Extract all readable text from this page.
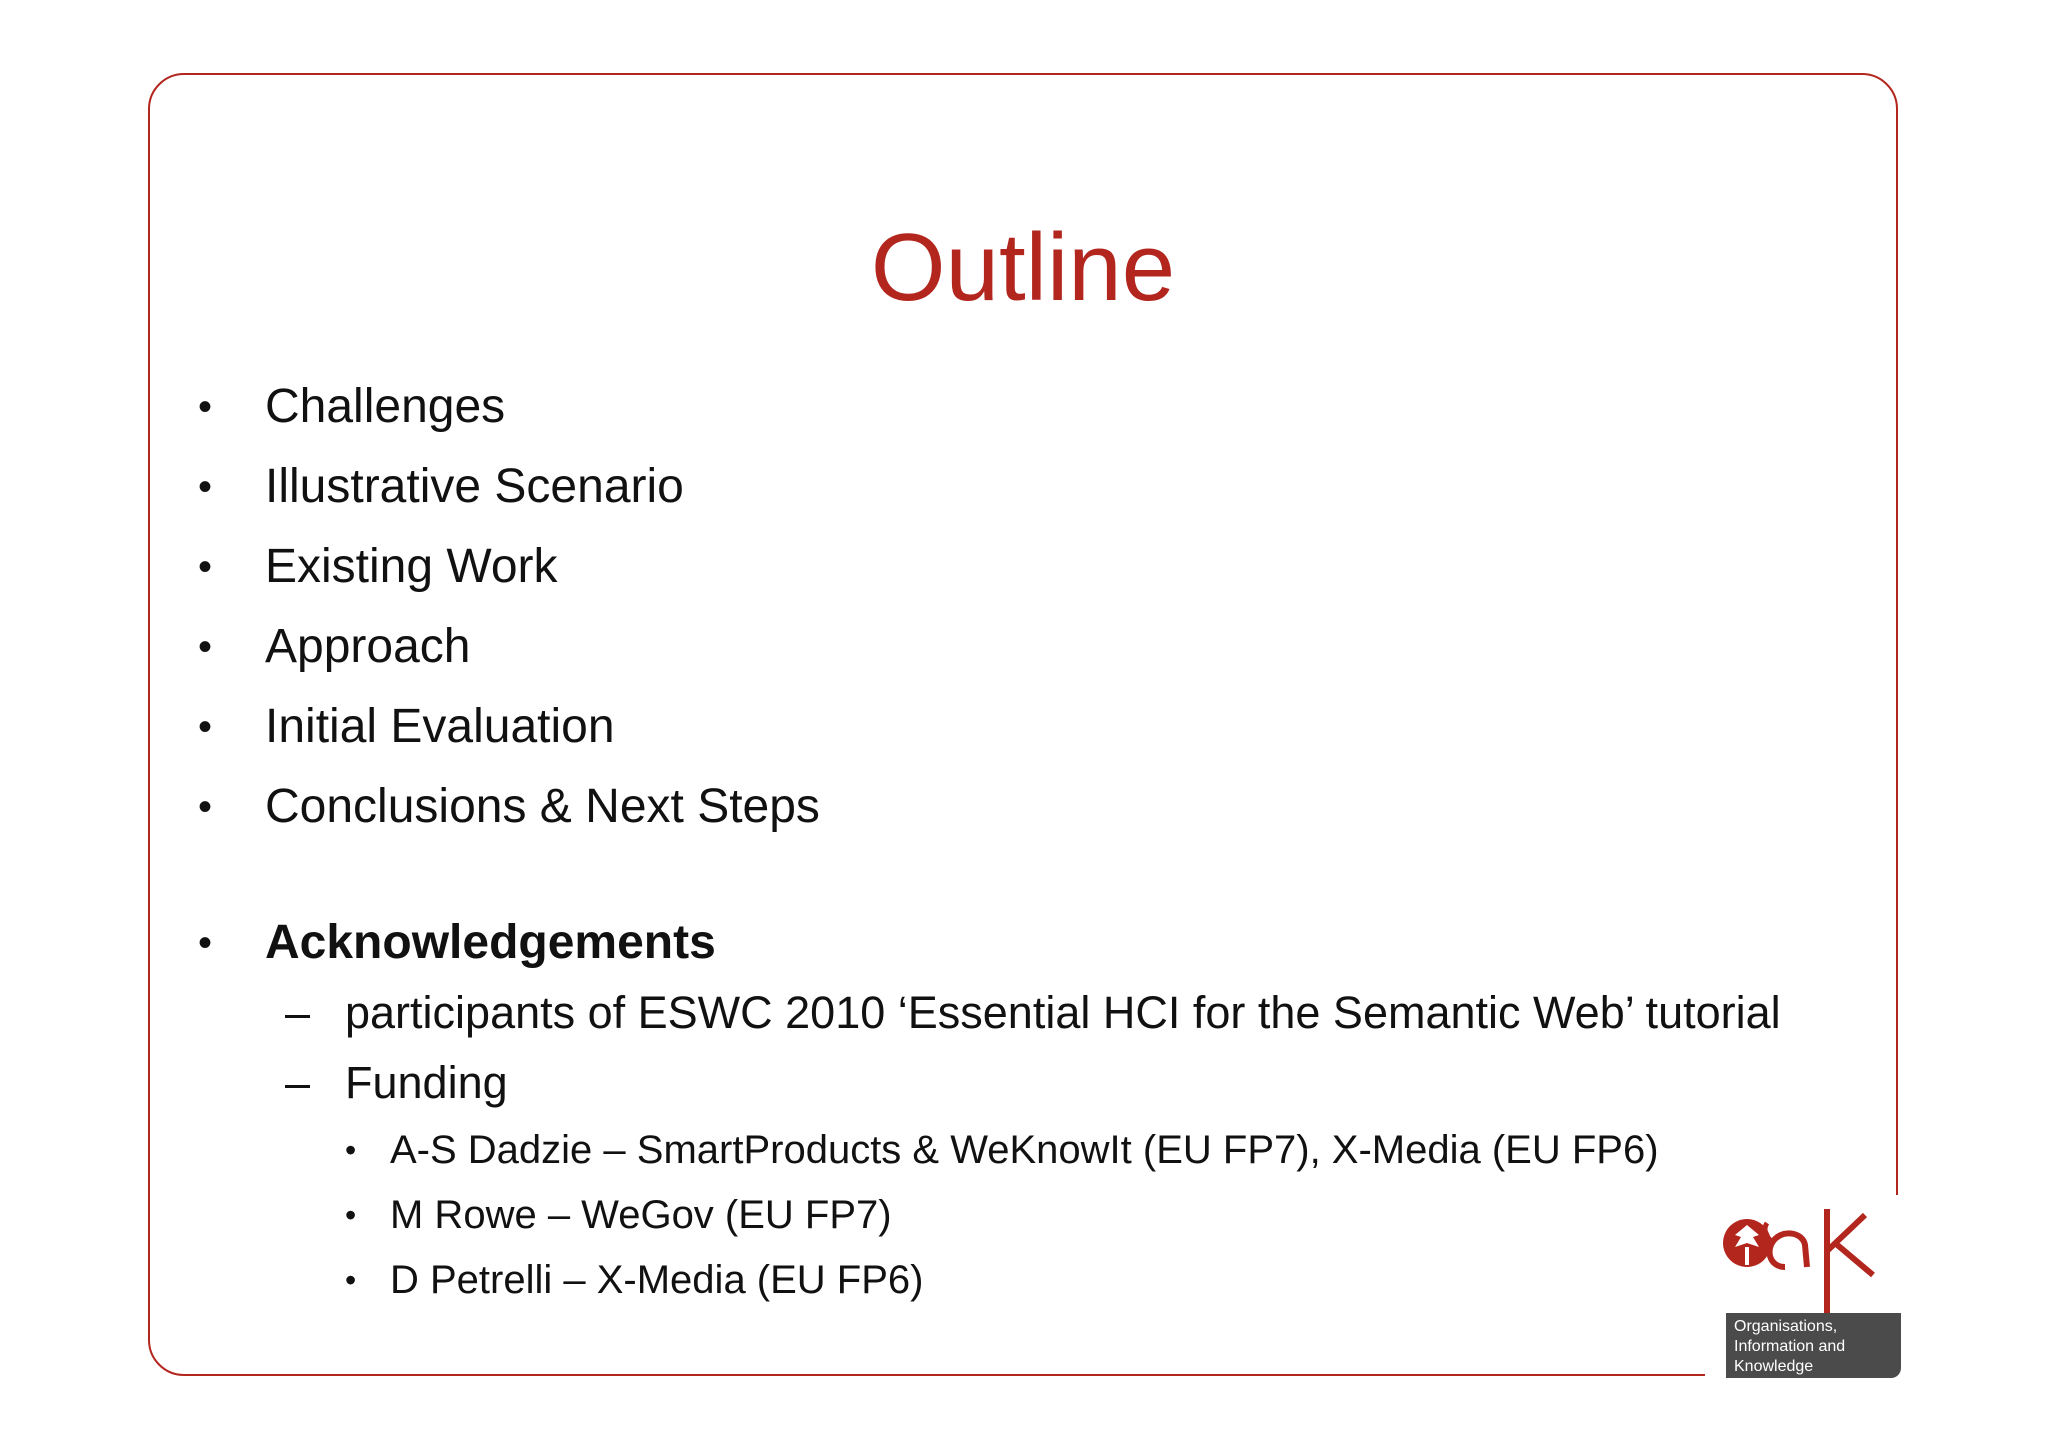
Outline
• Challenges
• Illustrative Scenario
• Existing Work
• Approach
• Initial Evaluation
• Conclusions & Next Steps
• Acknowledgements
– participants of ESWC 2010 ‘Essential HCI for the Semantic Web’ tutorial
– Funding
• A-S Dadzie – SmartProducts & WeKnowIt (EU FP7), X-Media (EU FP6)
• M Rowe – WeGov (EU FP7)
• D Petrelli – X-Media (EU FP6)
Organisations,
Information and
Knowledge
